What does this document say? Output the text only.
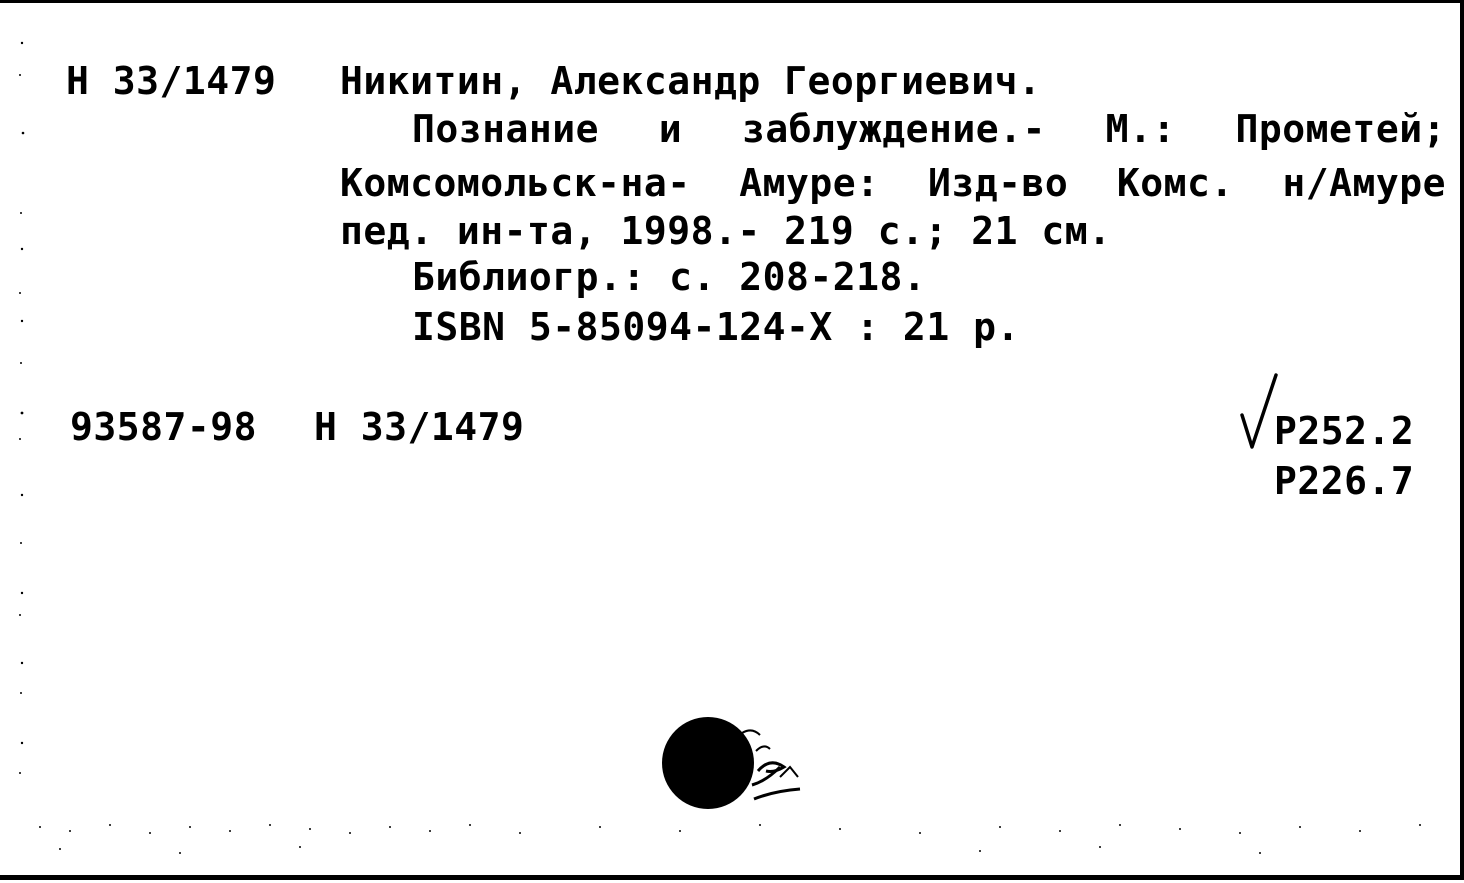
Н 33/1479 Никитин, Александр Георгиевич.
Познание и заблуждение.- М.: Прометей;
Комсомольск-на- Амуре: Изд-во Комс. н/Амуре
пед. ин-та, 1998.- 219 с.; 21 см.
Библиогр.: с. 208-218.
ISBN 5-85094-124-X : 21 р.
93587-98 Н 33/1479	Р252.2
Р226.7
